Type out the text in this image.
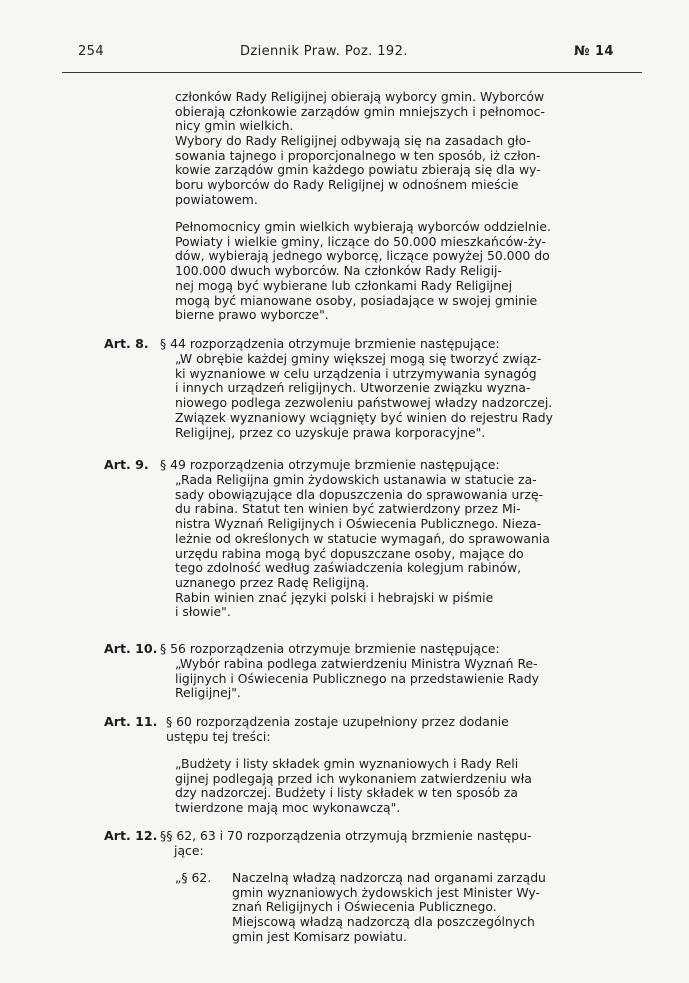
254	Dziennik Praw. Poz. 192.	№ 14
członków Rady Religijnej obierają wyborcy gmin. Wyborców
obierają członkowie zarządów gmin mniejszych i pełnomoc-
nicy gmin wielkich.
Wybory do Rady Religijnej odbywają się na zasadach gło-
sowania tajnego i proporcjonalnego w ten sposób, iż człon-
kowie zarządów gmin każdego powiatu zbierają się dla wy-
boru wyborców do Rady Religijnej w odnośnem mieście
powiatowem.
Pełnomocnicy gmin wielkich wybierają wyborców oddzielnie.
Powiaty i wielkie gminy, liczące do 50.000 mieszkańców-ży-
dów, wybierają jednego wyborcę, liczące powyżej 50.000 do
100.000 dwuch wyborców. Na członków Rady Religij-
nej mogą być wybierane lub członkami Rady Religijnej
mogą być mianowane osoby, posiadające w swojej gminie
bierne prawo wyborcze".
Art. 8. § 44 rozporządzenia otrzymuje brzmienie następujące:
„W obrębie każdej gminy większej mogą się tworzyć związ-
ki wyznaniowe w celu urządzenia i utrzymywania synagóg
i innych urządzeń religijnych. Utworzenie związku wyzna-
niowego podlega zezwoleniu państwowej władzy nadzorczej.
Związek wyznaniowy wciągnięty być winien do rejestru Rady
Religijnej, przez co uzyskuje prawa korporacyjne".
Art. 9. § 49 rozporządzenia otrzymuje brzmienie następujące:
„Rada Religijna gmin żydowskich ustanawia w statucie za-
sady obowiązujące dla dopuszczenia do sprawowania urzę-
du rabina. Statut ten winien być zatwierdzony przez Mi-
nistra Wyznań Religijnych i Oświecenia Publicznego. Nieza-
leżnie od określonych w statucie wymagań, do sprawowania
urzędu rabina mogą być dopuszczane osoby, mające do
tego zdolność według zaświadczenia kolegjum rabinów,
uznanego przez Radę Religijną.
Rabin winien znać języki polski i hebrajski w piśmie
i słowie".
Art. 10. § 56 rozporządzenia otrzymuje brzmienie następujące:
„Wybór rabina podlega zatwierdzeniu Ministra Wyznań Re-
ligijnych i Oświecenia Publicznego na przedstawienie Rady
Religijnej".
Art. 11. § 60 rozporządzenia zostaje uzupełniony przez dodanie
ustępu tej treści:
„Budżety i listy składek gmin wyznaniowych i Rady Reli
gijnej podlegają przed ich wykonaniem zatwierdzeniu wła
dzy nadzorczej. Budżety i listy składek w ten sposób za
twierdzone mają moc wykonawczą".
Art. 12. §§ 62, 63 i 70 rozporządzenia otrzymują brzmienie następu-
jące:
„§ 62. Naczelną władzą nadzorczą nad organami zarządu
gmin wyznaniowych żydowskich jest Minister Wy-
znań Religijnych i Oświecenia Publicznego.
Miejscową władzą nadzorczą dla poszczególnych
gmin jest Komisarz powiatu.
